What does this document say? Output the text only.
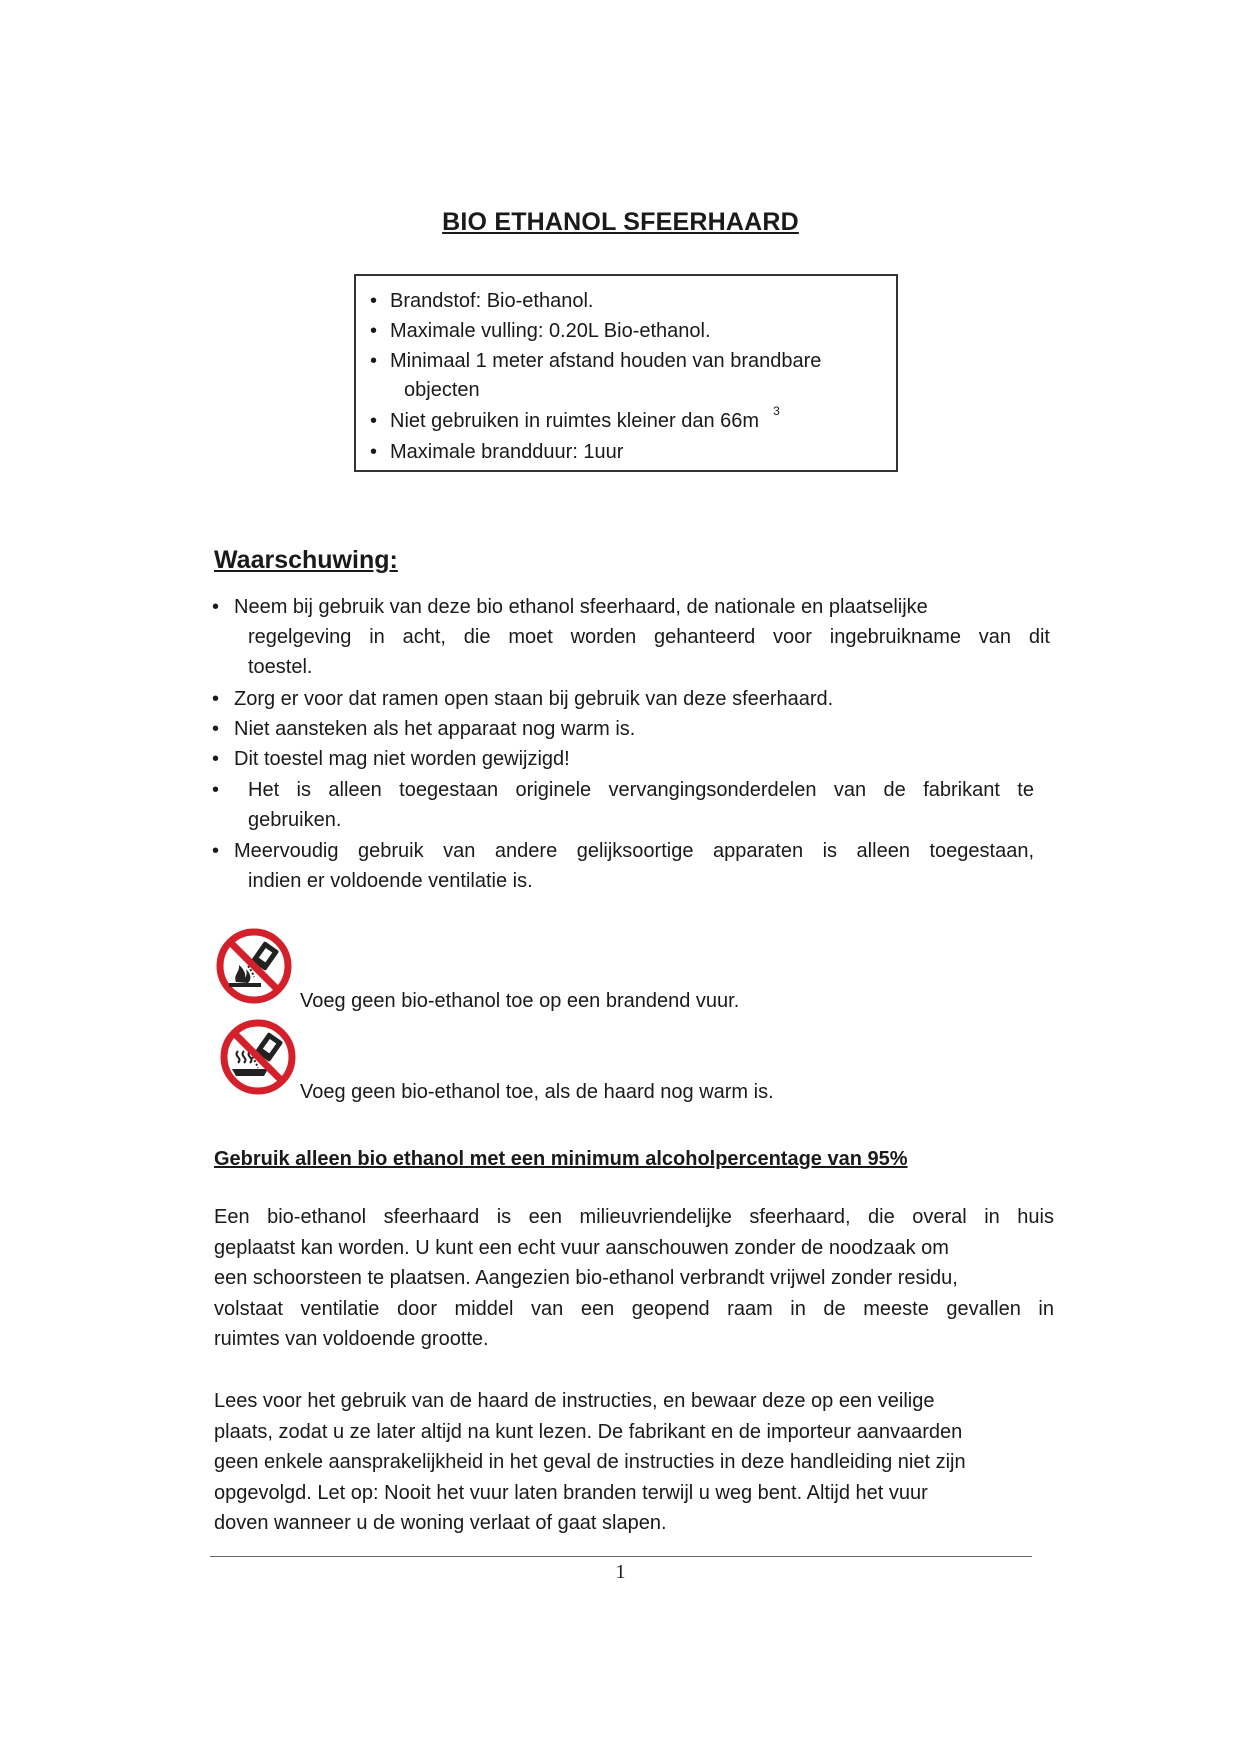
BIO ETHANOL SFEERHAARD
• Brandstof: Bio-ethanol.
• Maximale vulling: 0.20L Bio-ethanol.
• Minimaal 1 meter afstand houden van brandbare
objecten
• Niet gebruiken in ruimtes kleiner dan 66m $^3$
• Maximale brandduur: 1uur
Waarschuwing:
• Neem bij gebruik van deze bio ethanol sfeerhaard, de nationale en plaatselijke
regelgeving in acht, die moet worden gehanteerd voor ingebruikname van dit
toestel.
• Zorg er voor dat ramen open staan bij gebruik van deze sfeerhaard.
• Niet aansteken als het apparaat nog warm is.
• Dit toestel mag niet worden gewijzigd!
• Het is alleen toegestaan originele vervangingsonderdelen van de fabrikant te
gebruiken.
• Meervoudig gebruik van andere gelijksoortige apparaten is alleen toegestaan,
indien er voldoende ventilatie is.
Voeg geen bio-ethanol toe op een brandend vuur.
Voeg geen bio-ethanol toe, als de haard nog warm is.
Gebruik alleen bio ethanol met een minimum alcoholpercentage van 95%
Een bio-ethanol sfeerhaard is een milieuvriendelijke sfeerhaard, die overal in huis
geplaatst kan worden. U kunt een echt vuur aanschouwen zonder de noodzaak om
een schoorsteen te plaatsen. Aangezien bio-ethanol verbrandt vrijwel zonder residu,
volstaat ventilatie door middel van een geopend raam in de meeste gevallen in
ruimtes van voldoende grootte.
Lees voor het gebruik van de haard de instructies, en bewaar deze op een veilige
plaats, zodat u ze later altijd na kunt lezen. De fabrikant en de importeur aanvaarden
geen enkele aansprakelijkheid in het geval de instructies in deze handleiding niet zijn
opgevolgd. Let op: Nooit het vuur laten branden terwijl u weg bent. Altijd het vuur
doven wanneer u de woning verlaat of gaat slapen.
1
